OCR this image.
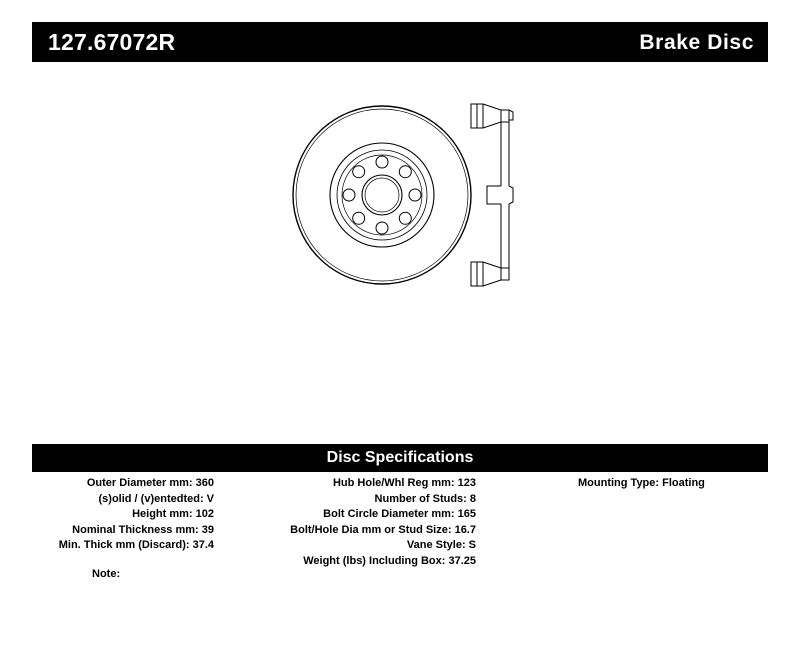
127.67072R	Brake Disc
Disc Specifications
Outer Diameter mm: 360
(s)olid / (v)entedted: V
Height mm: 102
Nominal Thickness mm: 39
Min. Thick mm (Discard): 37.4
Hub Hole/Whl Reg mm: 123
Number of Studs: 8
Bolt Circle Diameter mm: 165
Bolt/Hole Dia mm or Stud Size: 16.7
Vane Style: S
Weight (lbs) Including Box: 37.25
Mounting Type: Floating
Note:
